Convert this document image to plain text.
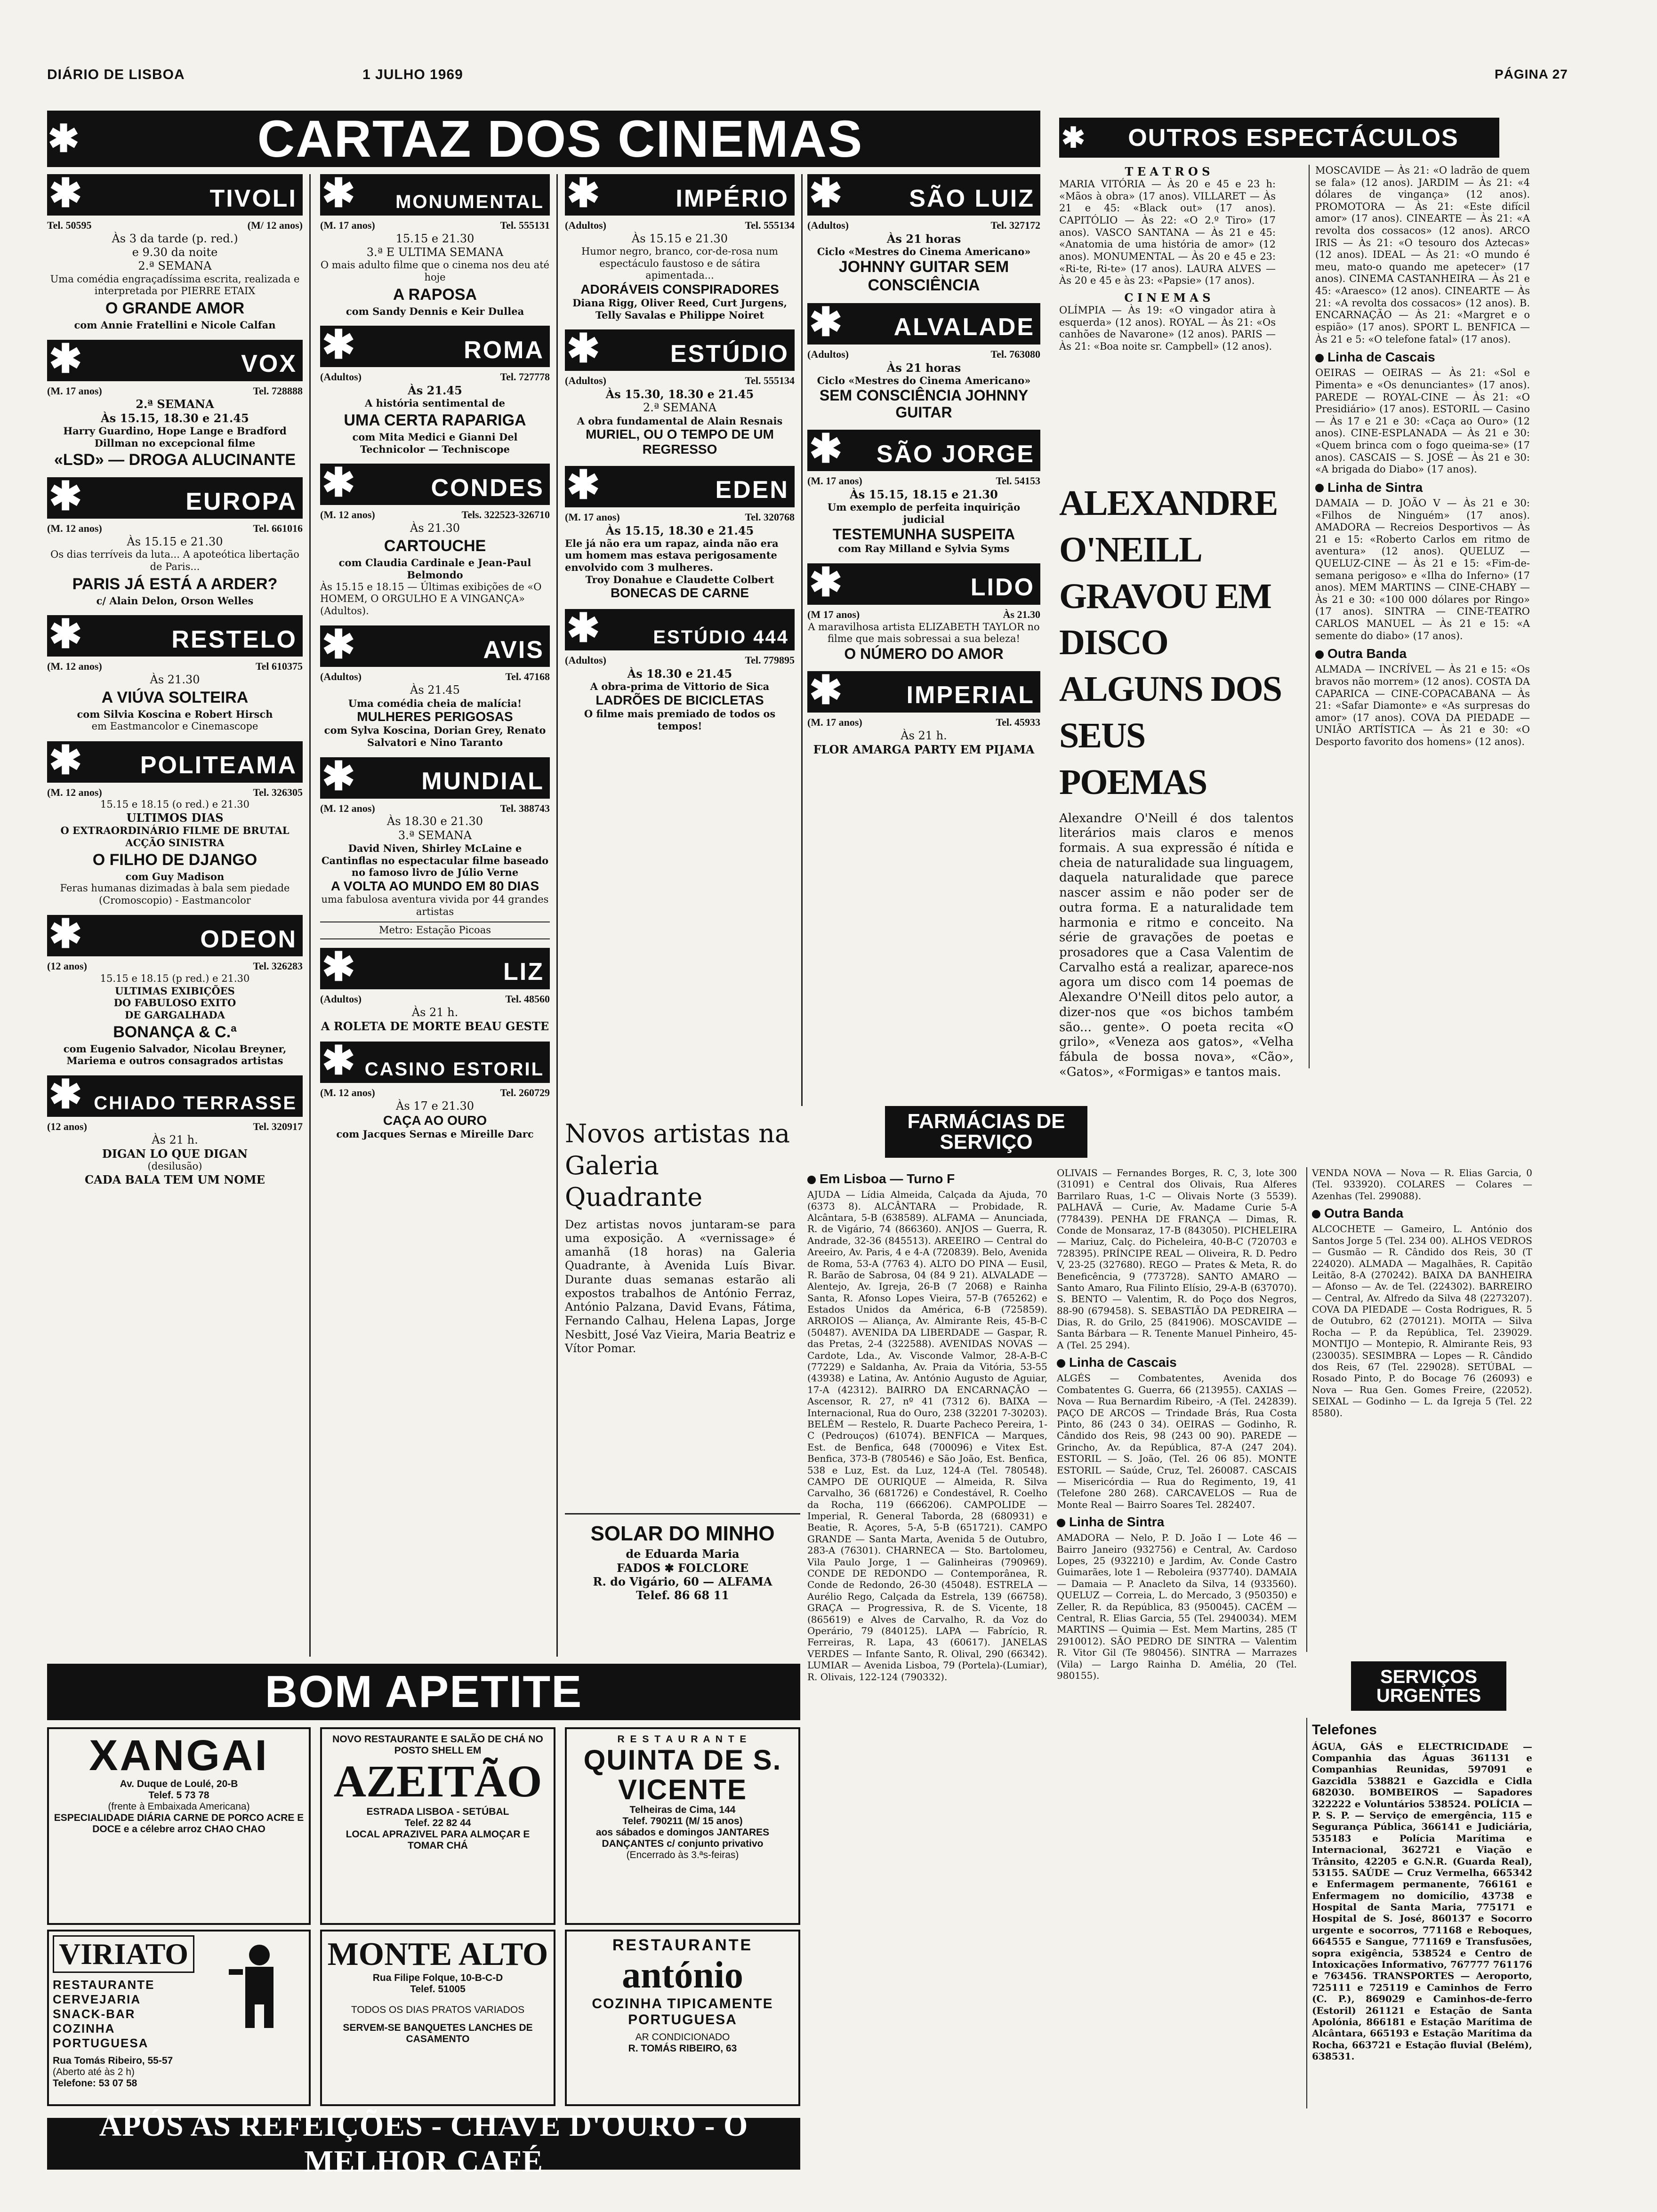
DIÁRIO DE LISBOA	1 JULHO 1969	PÁGINA 27
✱	CARTAZ DOS CINEMAS
✱	TIVOLI
Tel. 50595	(M/ 12 anos)
Às 3 da tarde (p. red.)
e 9.30 da noite
2.ª SEMANA
Uma comédia engraçadíssima escrita, realizada e interpretada por PIERRE ETAIX
O GRANDE AMOR
com Annie Fratellini e Nicole Calfan
✱	VOX
(M. 17 anos)	Tel. 728888
2.ª SEMANA
Às 15.15, 18.30 e 21.45
Harry Guardino, Hope Lange e Bradford Dillman no excepcional filme
«LSD» — DROGA ALUCINANTE
✱	EUROPA
(M. 12 anos)	Tel. 661016
Às 15.15 e 21.30
Os dias terríveis da luta... A apoteótica libertação de Paris...
PARIS JÁ ESTÁ A ARDER?
c/ Alain Delon, Orson Welles
✱	RESTELO
(M. 12 anos)	Tel 610375
Às 21.30
A VIÚVA SOLTEIRA
com Silvia Koscina e Robert Hirsch
em Eastmancolor e Cinemascope
✱	POLITEAMA
(M. 12 anos)	Tel. 326305
15.15 e 18.15 (o red.) e 21.30
ULTIMOS DIAS
O EXTRAORDINÁRIO FILME DE BRUTAL ACÇÃO SINISTRA
O FILHO DE DJANGO
com Guy Madison
Feras humanas dizimadas à bala sem piedade
(Cromoscopio) - Eastmancolor
✱	ODEON
(12 anos)	Tel. 326283
15.15 e 18.15 (p red.) e 21.30
ULTIMAS EXIBIÇÕES
DO FABULOSO EXITO
DE GARGALHADA
BONANÇA & C.ª
com Eugenio Salvador, Nicolau Breyner, Mariema e outros consagrados artistas
✱ CHIADO TERRASSE
(12 anos)	Tel. 320917
Às 21 h.
DIGAN LO QUE DIGAN
(desilusão)
CADA BALA TEM UM NOME
✱	MONUMENTAL
(M. 17 anos)	Tel. 555131
15.15 e 21.30
3.ª E ULTIMA SEMANA
O mais adulto filme que o cinema nos deu até hoje
A RAPOSA
com Sandy Dennis e Keir Dullea
✱	ROMA
(Adultos)	Tel. 727778
Às 21.45
A história sentimental de
UMA CERTA RAPARIGA
com Mita Medici e Gianni Del Technicolor — Techniscope
✱	CONDES
(M. 12 anos)	Tels. 322523-326710
Às 21.30
CARTOUCHE
com Claudia Cardinale e Jean-Paul Belmondo
Às 15.15 e 18.15 — Últimas exibições de «O HOMEM, O ORGULHO E A VINGANÇA» (Adultos).
✱	AVIS
(Adultos)	Tel. 47168
Às 21.45
Uma comédia cheia de malícia!
MULHERES PERIGOSAS
com Sylva Koscina, Dorian Grey, Renato Salvatori e Nino Taranto
✱	MUNDIAL
(M. 12 anos)	Tel. 388743
Às 18.30 e 21.30
3.ª SEMANA
David Niven, Shirley McLaine e Cantinflas no espectacular filme baseado no famoso livro de Júlio Verne
A VOLTA AO MUNDO EM 80 DIAS
uma fabulosa aventura vivida por 44 grandes artistas
Metro: Estação Picoas
✱	LIZ
(Adultos)	Tel. 48560
Às 21 h.
A ROLETA DE MORTE BEAU GESTE
✱ CASINO ESTORIL
(M. 12 anos)	Tel. 260729
Às 17 e 21.30
CAÇA AO OURO
com Jacques Sernas e Mireille Darc
✱	IMPÉRIO
(Adultos)	Tel. 555134
Às 15.15 e 21.30
Humor negro, branco, cor-de-rosa num espectáculo faustoso e de sátira apimentada...
ADORÁVEIS CONSPIRADORES
Diana Rigg, Oliver Reed, Curt Jurgens, Telly Savalas e Philippe Noiret
✱	ESTÚDIO
(Adultos)	Tel. 555134
Às 15.30, 18.30 e 21.45
2.ª SEMANA
A obra fundamental de Alain Resnais
MURIEL, OU O TEMPO DE UM REGRESSO
✱	EDEN
(M. 17 anos)	Tel. 320768
Às 15.15, 18.30 e 21.45
Ele já não era um rapaz, ainda não era um homem mas estava perigosamente envolvido com 3 mulheres.
Troy Donahue e Claudette Colbert
BONECAS DE CARNE
✱	ESTÚDIO 444
(Adultos)	Tel. 779895
Às 18.30 e 21.45
A obra-prima de Vittorio de Sica
LADRÕES DE BICICLETAS
O filme mais premiado de todos os tempos!
Novos artistas na Galeria Quadrante
Dez artistas novos juntaram-se para uma exposição. A «vernissage» é amanhã (18 horas) na Galeria Quadrante, à Avenida Luís Bivar. Durante duas semanas estarão ali expostos trabalhos de António Ferraz, António Palzana, David Evans, Fátima, Fernando Calhau, Helena Lapas, Jorge Nesbitt, José Vaz Vieira, Maria Beatriz e Vítor Pomar.
SOLAR DO MINHO
de Eduarda Maria
FADOS ✱ FOLCLORE
R. do Vigário, 60 — ALFAMA
Telef. 86 68 11
✱	SÃO LUIZ
(Adultos)	Tel. 327172
Às 21 horas
Ciclo «Mestres do Cinema Americano»
JOHNNY GUITAR SEM CONSCIÊNCIA
✱	ALVALADE
(Adultos)	Tel. 763080
Às 21 horas
Ciclo «Mestres do Cinema Americano»
SEM CONSCIÊNCIA JOHNNY GUITAR
✱	SÃO JORGE
(M. 17 anos)	Tel. 54153
Às 15.15, 18.15 e 21.30
Um exemplo de perfeita inquirição judicial
TESTEMUNHA SUSPEITA
com Ray Milland e Sylvia Syms
✱	LIDO
(M 17 anos)	Às 21.30
A maravilhosa artista ELIZABETH TAYLOR no filme que mais sobressai a sua beleza!
O NÚMERO DO AMOR
✱	IMPERIAL
(M. 17 anos)	Tel. 45933
Às 21 h.
FLOR AMARGA PARTY EM PIJAMA
✱	OUTROS ESPECTÁCULOS
T E A T R O S
MARIA VITÓRIA — Às 20 e 45 e 23 h: «Mãos à obra» (17 anos). VILLARET — Às 21 e 45: «Black out» (17 anos). CAPITÓLIO — Às 22: «O 2.º Tiro» (17 anos). VASCO SANTANA — Às 21 e 45: «Anatomia de uma história de amor» (12 anos). MONUMENTAL — Às 20 e 45 e 23: «Ri-te, Ri-te» (17 anos). LAURA ALVES — Às 20 e 45 e às 23: «Papsie» (17 anos).
C I N E M A S
OLÍMPIA — Às 19: «O vingador atira à esquerda» (12 anos). ROYAL — Às 21: «Os canhões de Navarone» (12 anos). PARIS — Às 21: «Boa noite sr. Campbell» (12 anos).
ALEXANDRE O'NEILL GRAVOU EM DISCO ALGUNS DOS SEUS POEMAS
Alexandre O'Neill é dos talentos literários mais claros e menos formais. A sua expressão é nítida e cheia de naturalidade sua linguagem, daquela naturalidade que parece nascer assim e não poder ser de outra forma. E a naturalidade tem harmonia e ritmo e conceito. Na série de gravações de poetas e prosadores que a Casa Valentim de Carvalho está a realizar, aparece-nos agora um disco com 14 poemas de Alexandre O'Neill ditos pelo autor, a dizer-nos que «os bichos também são... gente». O poeta recita «O grilo», «Veneza aos gatos», «Velha fábula de bossa nova», «Cão», «Gatos», «Formigas» e tantos mais.
MOSCAVIDE — Às 21: «O ladrão de quem se fala» (12 anos). JARDIM — Às 21: «4 dólares de vingança» (12 anos). PROMOTORA — Às 21: «Este difícil amor» (17 anos). CINEARTE — Às 21: «A revolta dos cossacos» (12 anos). ARCO IRIS — Às 21: «O tesouro dos Aztecas» (12 anos). IDEAL — Às 21: «O mundo é meu, mato-o quando me apetecer» (17 anos). CINEMA CASTANHEIRA — Às 21 e 45: «Araesco» (12 anos). CINEARTE — Às 21: «A revolta dos cossacos» (12 anos). B. ENCARNAÇÃO — Às 21: «Margret e o espião» (17 anos). SPORT L. BENFICA — Às 21 e 5: «O telefone fatal» (17 anos).
Linha de Cascais
OEIRAS — OEIRAS — Às 21: «Sol e Pimenta» e «Os denunciantes» (17 anos). PAREDE — ROYAL-CINE — Às 21: «O Presidiário» (17 anos). ESTORIL — Casino — Às 17 e 21 e 30: «Caça ao Ouro» (12 anos). CINE-ESPLANADA — Às 21 e 30: «Quem brinca com o fogo queima-se» (17 anos). CASCAIS — S. JOSÉ — Às 21 e 30: «A brigada do Diabo» (17 anos).
Linha de Sintra
DAMAIA — D. JOÃO V — Às 21 e 30: «Filhos de Ninguém» (17 anos). AMADORA — Recreios Desportivos — Às 21 e 15: «Roberto Carlos em ritmo de aventura» (12 anos). QUELUZ — QUELUZ-CINE — Às 21 e 15: «Fim-de-semana perigoso» e «Ilha do Inferno» (17 anos). MEM MARTINS — CINE-CHABY — Às 21 e 30: «100 000 dólares por Ringo» (17 anos). SINTRA — CINE-TEATRO CARLOS MANUEL — Às 21 e 15: «A semente do diabo» (17 anos).
Outra Banda
ALMADA — INCRÍVEL — Às 21 e 15: «Os bravos não morrem» (12 anos). COSTA DA CAPARICA — CINE-COPACABANA — Às 21: «Safar Diamonte» e «As surpresas do amor» (17 anos). COVA DA PIEDADE — UNIÃO ARTÍSTICA — Às 21 e 30: «O Desporto favorito dos homens» (12 anos).
FARMÁCIAS DE SERVIÇO
Em Lisboa — Turno F
AJUDA — Lídia Almeida, Calçada da Ajuda, 70 (6373 8). ALCÂNTARA — Probidade, R. Alcântara, 5-B (638589). ALFAMA — Anunciada, R. de Vigário, 74 (866360). ANJOS — Guerra, R. Andrade, 32-36 (845513). AREEIRO — Central do Areeiro, Av. Paris, 4 e 4-A (720839). Belo, Avenida de Roma, 53-A (7763 4). ALTO DO PINA — Eusil, R. Barão de Sabrosa, 04 (84 9 21). ALVALADE — Alentejo, Av. Igreja, 26-B (7 2068) e Rainha Santa, R. Afonso Lopes Vieira, 57-B (765262) e Estados Unidos da América, 6-B (725859). ARROIOS — Aliança, Av. Almirante Reis, 45-B-C (50487). AVENIDA DA LIBERDADE — Gaspar, R. das Pretas, 2-4 (322588). AVENIDAS NOVAS — Cardote, Lda., Av. Visconde Valmor, 28-A-B-C (77229) e Saldanha, Av. Praia da Vitória, 53-55 (43938) e Latina, Av. António Augusto de Aguiar, 17-A (42312). BAIRRO DA ENCARNAÇÃO — Ascensor, R. 27, nº 41 (7312 6). BAIXA — Internacional, Rua do Ouro, 238 (32201 7-30203). BELÉM — Restelo, R. Duarte Pacheco Pereira, 1-C (Pedrouços) (61074). BENFICA — Marques, Est. de Benfica, 648 (700096) e Vitex Est. Benfica, 373-B (780546) e São João, Est. Benfica, 538 e Luz, Est. da Luz, 124-A (Tel. 780548). CAMPO DE OURIQUE — Almeida, R. Silva Carvalho, 36 (681726) e Condestável, R. Coelho da Rocha, 119 (666206). CAMPOLIDE — Imperial, R. General Taborda, 28 (680931) e Beatie, R. Açores, 5-A, 5-B (651721). CAMPO GRANDE — Santa Marta, Avenida 5 de Outubro, 283-A (76301). CHARNECA — Sto. Bartolomeu, Vila Paulo Jorge, 1 — Galinheiras (790969). CONDE DE REDONDO — Contemporânea, R. Conde de Redondo, 26-30 (45048). ESTRELA — Aurélio Rego, Calçada da Estrela, 139 (66758). GRAÇA — Progressiva, R. de S. Vicente, 18 (865619) e Alves de Carvalho, R. da Voz do Operário, 79 (840125). LAPA — Fabrício, R. Ferreiras, R. Lapa, 43 (60617). JANELAS VERDES — Infante Santo, R. Olival, 290 (66342). LUMIAR — Avenida Lisboa, 79 (Portela)-(Lumiar), R. Olivais, 122-124 (790332).
OLIVAIS — Fernandes Borges, R. C, 3, lote 300 (31091) e Central dos Olivais, Rua Alferes Barrilaro Ruas, 1-C — Olivais Norte (3 5539). PALHAVÃ — Curie, Av. Madame Curie 5-A (778439). PENHA DE FRANÇA — Dimas, R. Conde de Monsaraz, 17-B (843050). PICHELEIRA — Mariuz, Calç. do Picheleira, 40-B-C (720703 e 728395). PRÍNCIPE REAL — Oliveira, R. D. Pedro V, 23-25 (327680). REGO — Prates & Meta, R. do Beneficência, 9 (773728). SANTO AMARO — Santo Amaro, Rua Filinto Elísio, 29-A-B (637070). S. BENTO — Valentim, R. do Poço dos Negros, 88-90 (679458). S. SEBASTIÃO DA PEDREIRA — Dias, R. do Grilo, 25 (841906). MOSCAVIDE — Santa Bárbara — R. Tenente Manuel Pinheiro, 45-A (Tel. 25 294).
Linha de Cascais
ALGÉS — Combatentes, Avenida dos Combatentes G. Guerra, 66 (213955). CAXIAS — Nova — Rua Bernardim Ribeiro, -A (Tel. 242839). PAÇO DE ARCOS — Trindade Brás, Rua Costa Pinto, 86 (243 0 34). OEIRAS — Godinho, R. Cândido dos Reis, 98 (243 00 90). PAREDE — Grincho, Av. da República, 87-A (247 204). ESTORIL — S. João, (Tel. 26 06 85). MONTE ESTORIL — Saúde, Cruz, Tel. 260087. CASCAIS — Misericórdia — Rua do Regimento, 19, 41 (Telefone 280 268). CARCAVELOS — Rua de Monte Real — Bairro Soares Tel. 282407.
Linha de Sintra
AMADORA — Nelo, P. D. João I — Lote 46 — Bairro Janeiro (932756) e Central, Av. Cardoso Lopes, 25 (932210) e Jardim, Av. Conde Castro Guimarães, lote 1 — Reboleira (937740). DAMAIA — Damaia — P. Anacleto da Silva, 14 (933560). QUELUZ — Correia, L. do Mercado, 3 (950350) e Zeller, R. da República, 83 (950045). CACÉM — Central, R. Elias Garcia, 55 (Tel. 2940034). MEM MARTINS — Quimia — Est. Mem Martins, 285 (T 2910012). SÃO PEDRO DE SINTRA — Valentim R. Vitor Gil (Te 980456). SINTRA — Marrazes (Vila) — Largo Rainha D. Amélia, 20 (Tel. 980155).
VENDA NOVA — Nova — R. Elias Garcia, 0 (Tel. 933920). COLARES — Colares — Azenhas (Tel. 299088).
Outra Banda
ALCOCHETE — Gameiro, L. António dos Santos Jorge 5 (Tel. 234 00). ALHOS VEDROS — Gusmão — R. Cândido dos Reis, 30 (T 224020). ALMADA — Magalhães, R. Capitão Leitão, 8-A (270242). BAIXA DA BANHEIRA — Afonso — Av. de Tel. (224302). BARREIRO — Central, Av. Alfredo da Silva 48 (2273207). COVA DA PIEDADE — Costa Rodrigues, R. 5 de Outubro, 62 (270121). MOITA — Silva Rocha — P. da República, Tel. 239029. MONTIJO — Montepio, R. Almirante Reis, 93 (230035). SESIMBRA — Lopes — R. Cândido dos Reis, 67 (Tel. 229028). SETÚBAL — Rosado Pinto, P. do Bocage 76 (26093) e Nova — Rua Gen. Gomes Freire, (22052). SEIXAL — Godinho — L. da Igreja 5 (Tel. 22 8580).
SERVIÇOS URGENTES
Telefones
ÁGUA, GÁS e ELECTRICIDADE — Companhia das Águas 361131 e Companhias Reunidas, 597091 e Gazcidla 538821 e Gazcidla e Cidla 682030. BOMBEIROS — Sapadores 322222 e Voluntários 538524. POLÍCIA — P. S. P. — Serviço de emergência, 115 e Segurança Pública, 366141 e Judiciária, 535183 e Polícia Marítima e Internacional, 362721 e Viação e Trânsito, 42205 e G.N.R. (Guarda Real), 53155. SAÚDE — Cruz Vermelha, 665342 e Enfermagem permanente, 766161 e Enfermagem no domicílio, 43738 e Hospital de Santa Maria, 775171 e Hospital de S. José, 860137 e Socorro urgente e socorros, 771168 e Reboques, 664555 e Sangue, 771169 e Transfusões, sopra exigência, 538524 e Centro de Intoxicações Informativo, 767777 761176 e 763456. TRANSPORTES — Aeroporto, 725111 e 725119 e Caminhos de Ferro (C. P.), 869029 e Caminhos-de-ferro (Estoril) 261121 e Estação de Santa Apolónia, 866181 e Estação Marítima de Alcântara, 665193 e Estação Marítima da Rocha, 663721 e Estação fluvial (Belém), 638531.
BOM APETITE
XANGAI
Av. Duque de Loulé, 20-B
Telef. 5 73 78
(frente à Embaixada Americana)
ESPECIALIDADE DIÁRIA CARNE DE PORCO ACRE E DOCE e a célebre arroz CHAO CHAO
VIRIATO
RESTAURANTE CERVEJARIA SNACK-BAR COZINHA PORTUGUESA
Rua Tomás Ribeiro, 55-57
(Aberto até às 2 h)
Telefone: 53 07 58
NOVO RESTAURANTE E SALÃO DE CHÁ NO POSTO SHELL EM
AZEITÃO
ESTRADA LISBOA - SETÚBAL
Telef. 22 82 44
LOCAL APRAZIVEL PARA ALMOÇAR E TOMAR CHÁ
MONTE ALTO
Rua Filipe Folque, 10-B-C-D
Telef. 51005
TODOS OS DIAS PRATOS VARIADOS
SERVEM-SE BANQUETES LANCHES DE CASAMENTO
R E S T A U R A N T E
QUINTA DE S. VICENTE
Telheiras de Cima, 144
Telef. 790211 (M/ 15 anos)
aos sábados e domingos JANTARES DANÇANTES c/ conjunto privativo
(Encerrado às 3.ªs-feiras)
RESTAURANTE
antónio
COZINHA TIPICAMENTE PORTUGUESA
AR CONDICIONADO
R. TOMÁS RIBEIRO, 63
APÓS AS REFEIÇÕES - CHAVE D'OURO - O MELHOR CAFÉ
